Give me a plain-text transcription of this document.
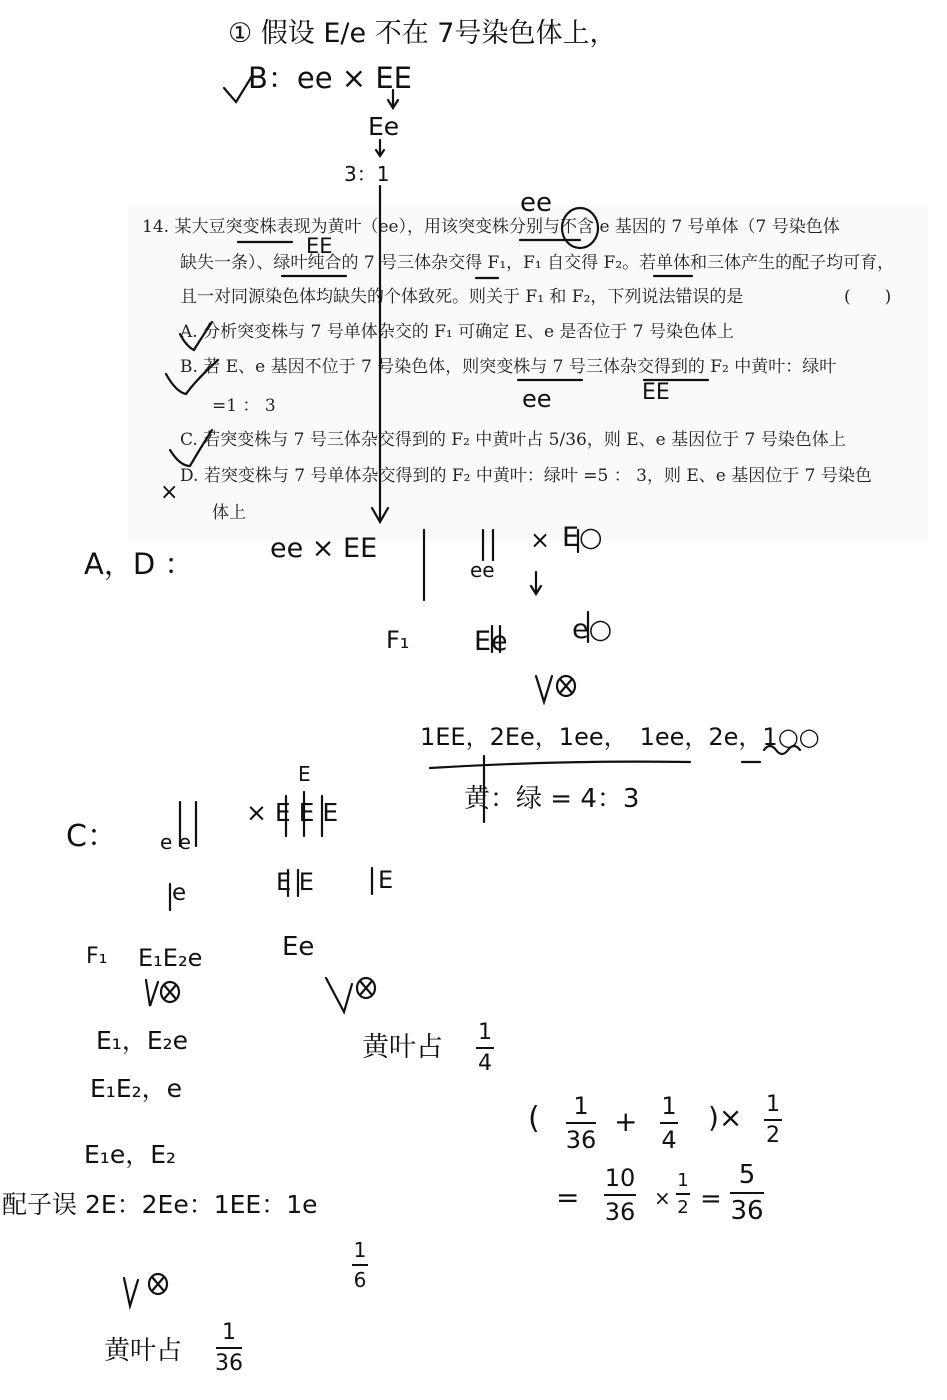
14. 某大豆突变株表现为黄叶（ee），用该突变株分别与不含 e 基因的 7 号单体（7 号染色体
缺失一条）、绿叶纯合的 7 号三体杂交得 F₁，F₁ 自交得 F₂。若单体和三体产生的配子均可育，
且一对同源染色体均缺失的个体致死。则关于 F₁ 和 F₂，下列说法错误的是	(　　)
A. 分析突变株与 7 号单体杂交的 F₁ 可确定 E、e 是否位于 7 号染色体上
B. 若 E、e 基因不位于 7 号染色体，则突变株与 7 号三体杂交得到的 F₂ 中黄叶：绿叶
=1 ： 3
C. 若突变株与 7 号三体杂交得到的 F₂ 中黄叶占 5/36，则 E、e 基因位于 7 号染色体上
D. 若突变株与 7 号单体杂交得到的 F₂ 中黄叶：绿叶 =5 ： 3，则 E、e 基因位于 7 号染色
体上
① 假设 E/e 不在 7号染色体上，
B：ee × EE
Ee
3：1
ee
EE
ee	EE
×
A，D ：	ee × EE
ee
× E○
F₁ Ee e○
1EE，2Ee，1ee，　1ee，2e，1○○
黄：绿 = 4：3
C： e e
× E E E
E
e	E E	E
F₁ E₁E₂e	Ee
黄叶占 1
4
E₁，E₂e
E₁E₂，e
E₁e，E₂
配子误 2E：2Ee：1EE：1e
1
6
黄叶占
1
36
( 1
36
+ 1
4
)× 1
2
=
10
36 ×
1
2 =
5
36
